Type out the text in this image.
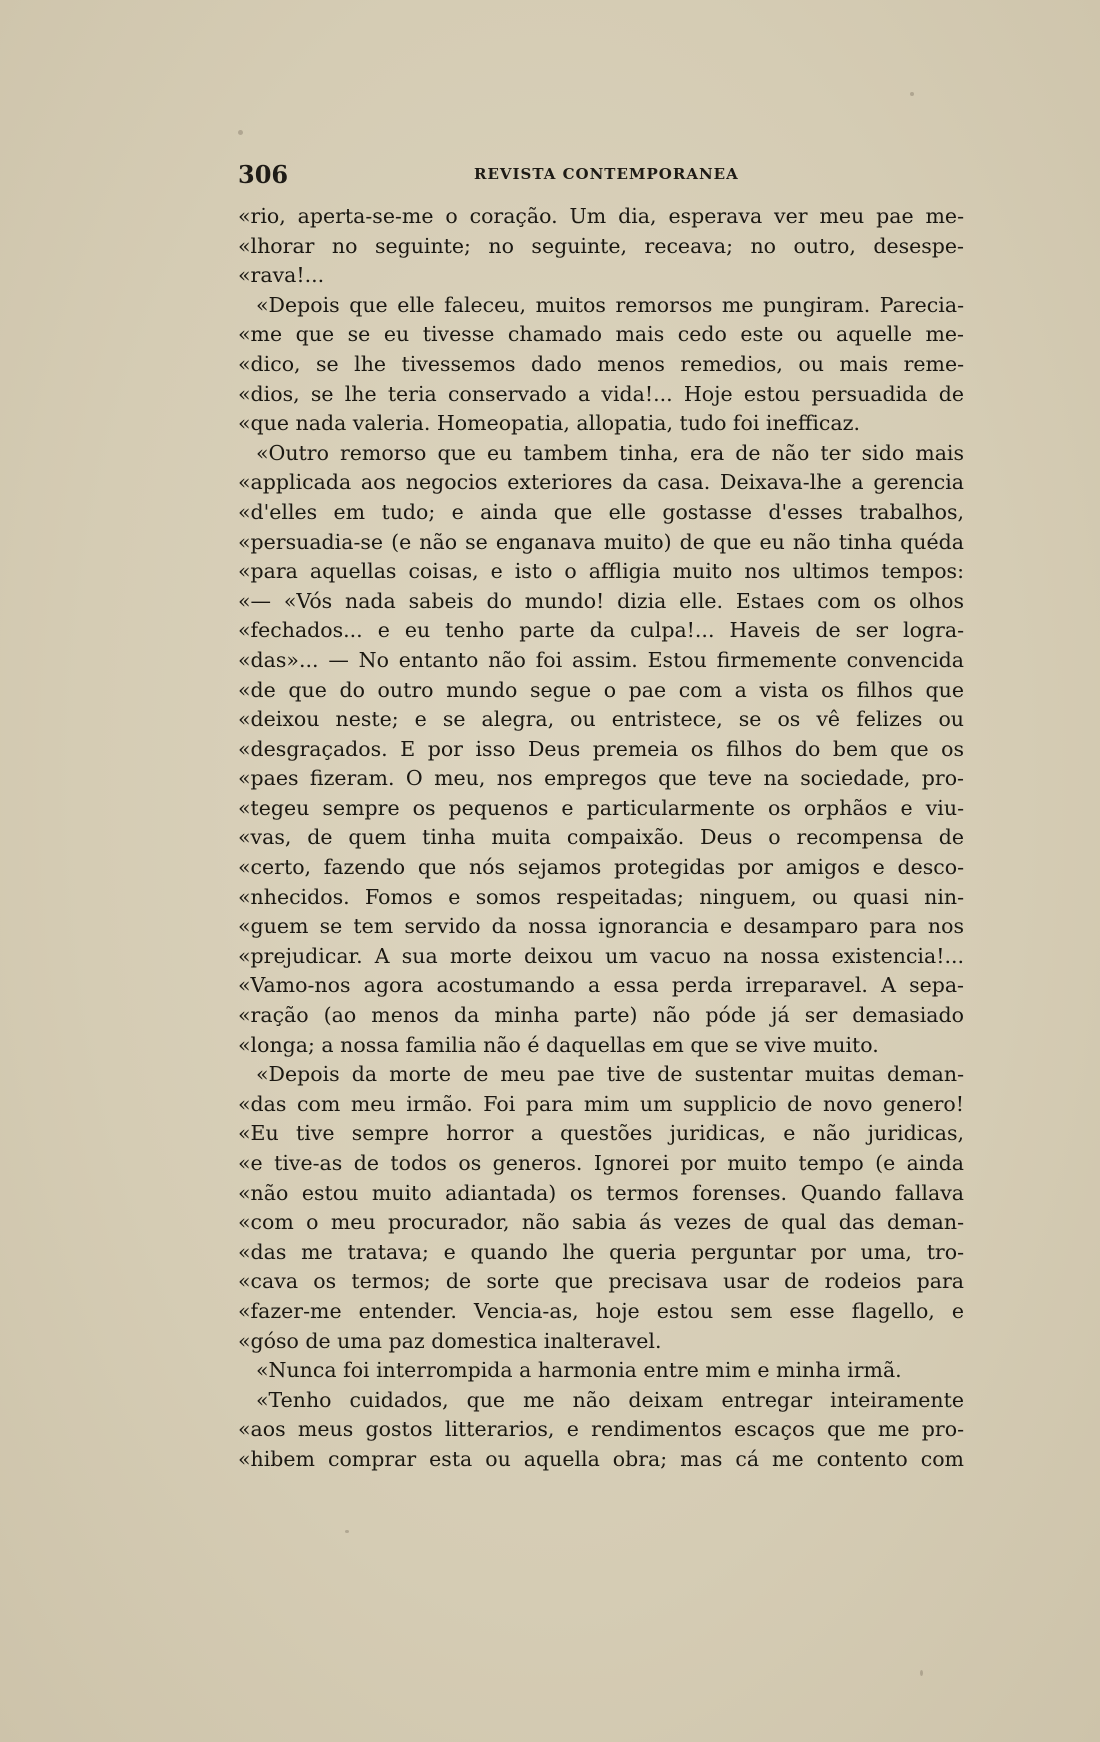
306	REVISTA CONTEMPORANEA
«rio, aperta-se-me o coração. Um dia, esperava ver meu pae me-
«lhorar no seguinte; no seguinte, receava; no outro, desespe-
«rava!...
«Depois que elle faleceu, muitos remorsos me pungiram. Parecia-
«me que se eu tivesse chamado mais cedo este ou aquelle me-
«dico, se lhe tivessemos dado menos remedios, ou mais reme-
«dios, se lhe teria conservado a vida!... Hoje estou persuadida de
«que nada valeria. Homeopatia, allopatia, tudo foi inefficaz.
«Outro remorso que eu tambem tinha, era de não ter sido mais
«applicada aos negocios exteriores da casa. Deixava-lhe a gerencia
«d'elles em tudo; e ainda que elle gostasse d'esses trabalhos,
«persuadia-se (e não se enganava muito) de que eu não tinha quéda
«para aquellas coisas, e isto o affligia muito nos ultimos tempos:
«— «Vós nada sabeis do mundo! dizia elle. Estaes com os olhos
«fechados... e eu tenho parte da culpa!... Haveis de ser logra-
«das»... — No entanto não foi assim. Estou firmemente convencida
«de que do outro mundo segue o pae com a vista os filhos que
«deixou neste; e se alegra, ou entristece, se os vê felizes ou
«desgraçados. E por isso Deus premeia os filhos do bem que os
«paes fizeram. O meu, nos empregos que teve na sociedade, pro-
«tegeu sempre os pequenos e particularmente os orphãos e viu-
«vas, de quem tinha muita compaixão. Deus o recompensa de
«certo, fazendo que nós sejamos protegidas por amigos e desco-
«nhecidos. Fomos e somos respeitadas; ninguem, ou quasi nin-
«guem se tem servido da nossa ignorancia e desamparo para nos
«prejudicar. A sua morte deixou um vacuo na nossa existencia!...
«Vamo-nos agora acostumando a essa perda irreparavel. A sepa-
«ração (ao menos da minha parte) não póde já ser demasiado
«longa; a nossa familia não é daquellas em que se vive muito.
«Depois da morte de meu pae tive de sustentar muitas deman-
«das com meu irmão. Foi para mim um supplicio de novo genero!
«Eu tive sempre horror a questões juridicas, e não juridicas,
«e tive-as de todos os generos. Ignorei por muito tempo (e ainda
«não estou muito adiantada) os termos forenses. Quando fallava
«com o meu procurador, não sabia ás vezes de qual das deman-
«das me tratava; e quando lhe queria perguntar por uma, tro-
«cava os termos; de sorte que precisava usar de rodeios para
«fazer-me entender. Vencia-as, hoje estou sem esse flagello, e
«góso de uma paz domestica inalteravel.
«Nunca foi interrompida a harmonia entre mim e minha irmã.
«Tenho cuidados, que me não deixam entregar inteiramente
«aos meus gostos litterarios, e rendimentos escaços que me pro-
«hibem comprar esta ou aquella obra; mas cá me contento com
